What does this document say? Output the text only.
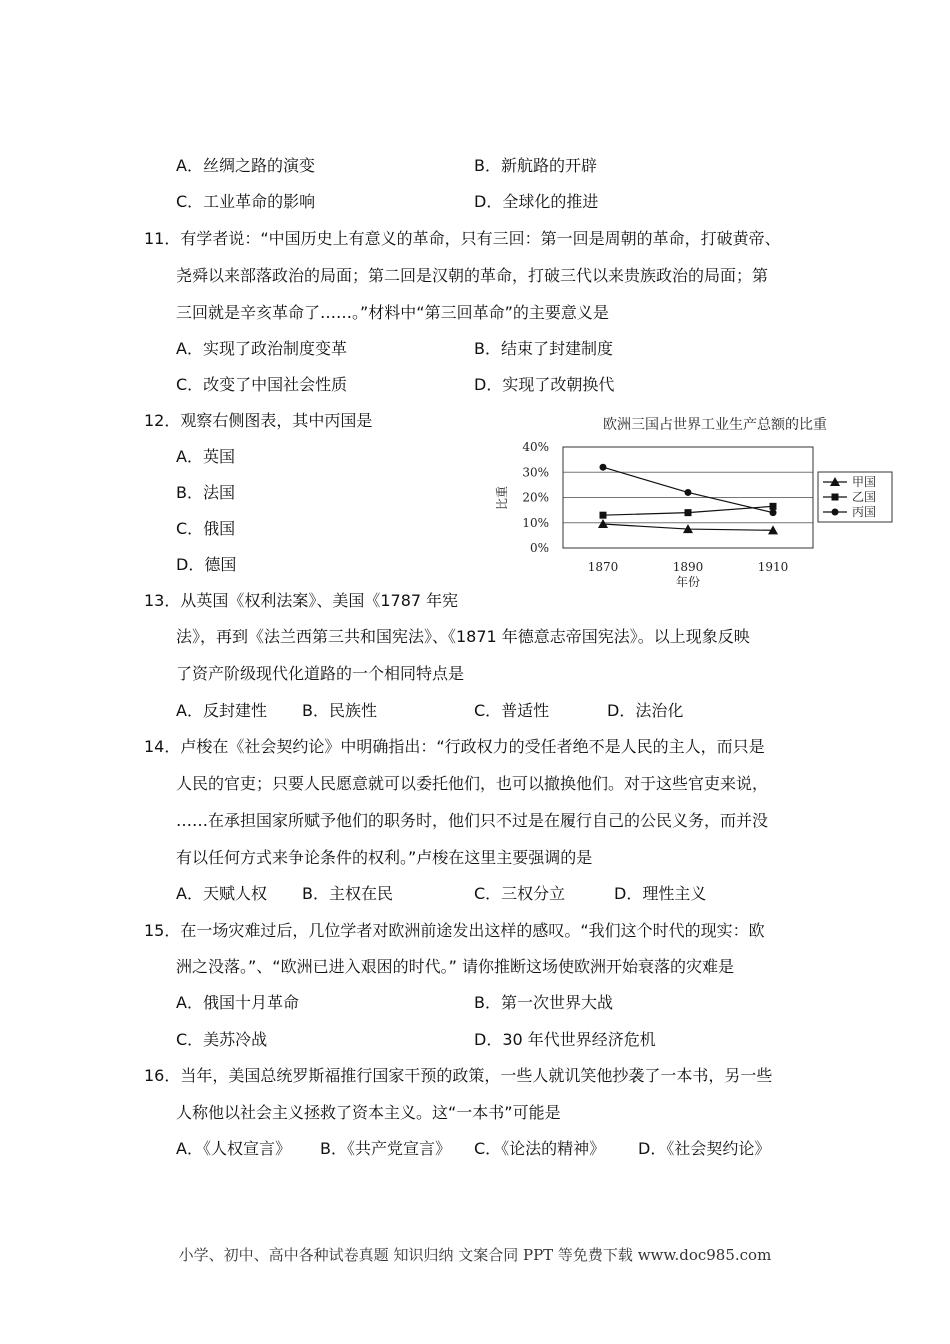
A．丝绸之路的演变	B．新航路的开辟
C．工业革命的影响	D．全球化的推进
11．有学者说：“中国历史上有意义的革命，只有三回：第一回是周朝的革命，打破黄帝、
尧舜以来部落政治的局面；第二回是汉朝的革命，打破三代以来贵族政治的局面；第
三回就是辛亥革命了……。”材料中“第三回革命”的主要意义是
A．实现了政治制度变革	B．结束了封建制度
C．改变了中国社会性质	D．实现了改朝换代
12．观察右侧图表，其中丙国是
A．英国
B．法国
C．俄国
D．德国
欧洲三国占世界工业生产总额的比重
0%
10%
20%
30%
40%
1870	1890	1910
比重
年份
甲国
乙国
丙国
13．从英国《权利法案》、美国《1787 年宪
法》，再到《法兰西第三共和国宪法》、《1871 年德意志帝国宪法》。以上现象反映
了资产阶级现代化道路的一个相同特点是
A．反封建性 B．民族性	C．普适性	D．法治化
14．卢梭在《社会契约论》中明确指出：“行政权力的受任者绝不是人民的主人，而只是
人民的官吏；只要人民愿意就可以委托他们，也可以撤换他们。对于这些官吏来说，
……在承担国家所赋予他们的职务时，他们只不过是在履行自己的公民义务，而并没
有以任何方式来争论条件的权利。”卢梭在这里主要强调的是
A．天赋人权 B．主权在民	C．三权分立	D．理性主义
15．在一场灾难过后，几位学者对欧洲前途发出这样的感叹。“我们这个时代的现实：欧
洲之没落。”、“欧洲已进入艰困的时代。” 请你推断这场使欧洲开始衰落的灾难是
A．俄国十月革命	B．第一次世界大战
C．美苏冷战	D．30 年代世界经济危机
16．当年，美国总统罗斯福推行国家干预的政策，一些人就讥笑他抄袭了一本书，另一些
人称他以社会主义拯救了资本主义。这“一本书”可能是
A．《人权宣言》 B．《共产党宣言》 C．《论法的精神》 D．《社会契约论》
小学、初中、高中各种试卷真题 知识归纳 文案合同 PPT 等免费下载 www.doc985.com
